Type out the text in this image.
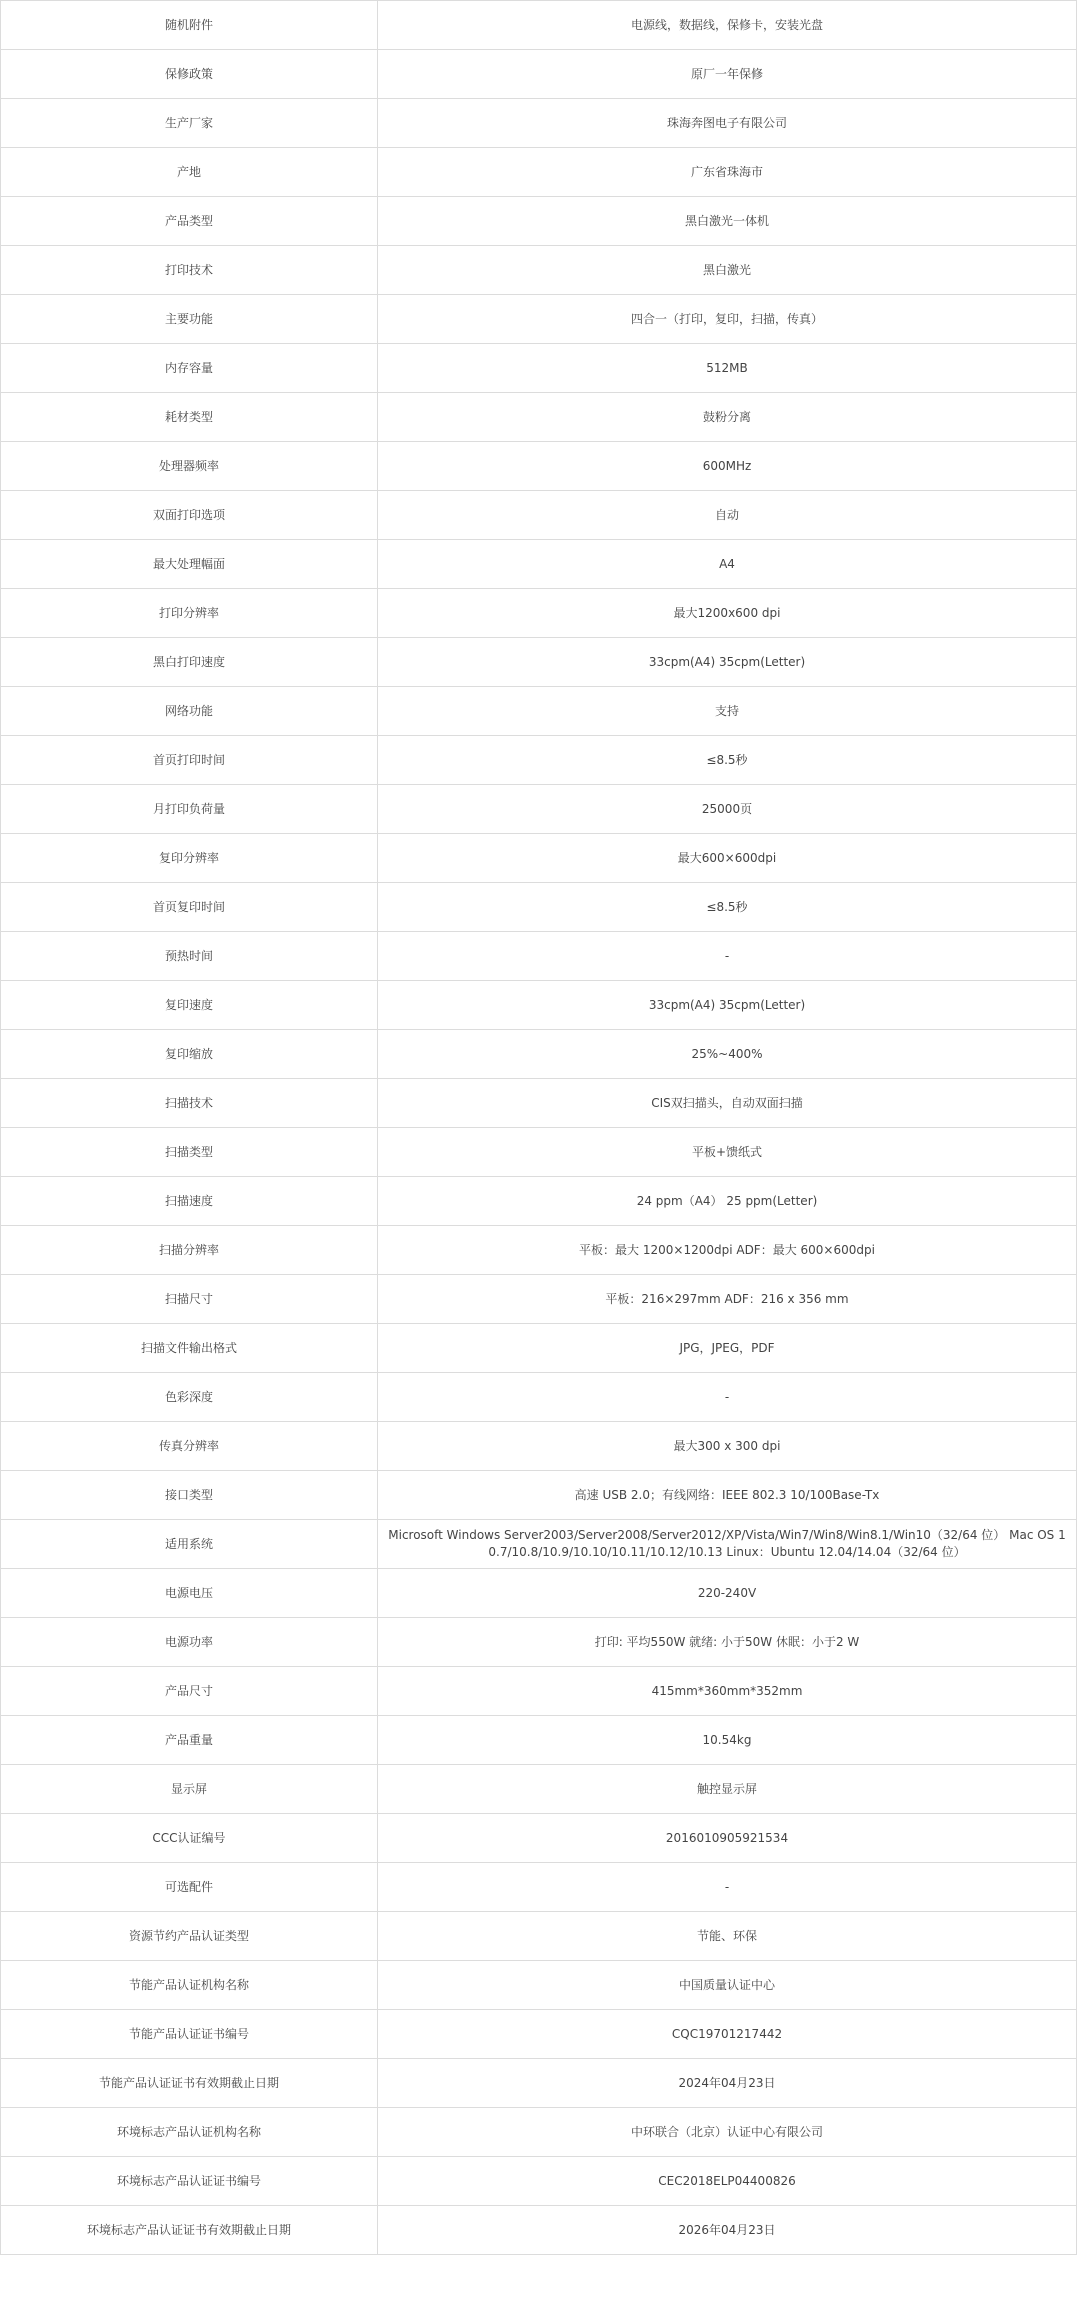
随机附件	电源线，数据线，保修卡，安装光盘
保修政策	原厂一年保修
生产厂家	珠海奔图电子有限公司
产地	广东省珠海市
产品类型	黑白激光一体机
打印技术	黑白激光
主要功能	四合一（打印，复印，扫描，传真）
内存容量	512MB
耗材类型	鼓粉分离
处理器频率	600MHz
双面打印选项	自动
最大处理幅面	A4
打印分辨率	最大1200x600 dpi
黑白打印速度	33cpm(A4) 35cpm(Letter)
网络功能	支持
首页打印时间	≤8.5秒
月打印负荷量	25000页
复印分辨率	最大600×600dpi
首页复印时间	≤8.5秒
预热时间	-
复印速度	33cpm(A4) 35cpm(Letter)
复印缩放	25%~400%
扫描技术	CIS双扫描头，自动双面扫描
扫描类型	平板+馈纸式
扫描速度	24 ppm（A4） 25 ppm(Letter)
扫描分辨率	平板：最大 1200×1200dpi ADF：最大 600×600dpi
扫描尺寸	平板：216×297mm ADF：216 x 356 mm
扫描文件输出格式	JPG，JPEG，PDF
色彩深度	-
传真分辨率	最大300 x 300 dpi
接口类型	高速 USB 2.0；有线网络：IEEE 802.3 10/100Base-Tx
适用系统	Microsoft Windows Server2003/Server2008/Server2012/XP/Vista/Win7/Win8/Win8.1/Win10（32/64 位） Mac OS 10.7/10.8/10.9/10.10/10.11/10.12/10.13 Linux：Ubuntu 12.04/14.04（32/64 位）
电源电压	220-240V
电源功率	打印: 平均550W 就绪: 小于50W 休眠：小于2 W
产品尺寸	415mm*360mm*352mm
产品重量	10.54kg
显示屏	触控显示屏
CCC认证编号	2016010905921534
可选配件	-
资源节约产品认证类型	节能、环保
节能产品认证机构名称	中国质量认证中心
节能产品认证证书编号	CQC19701217442
节能产品认证证书有效期截止日期	2024年04月23日
环境标志产品认证机构名称	中环联合（北京）认证中心有限公司
环境标志产品认证证书编号	CEC2018ELP04400826
环境标志产品认证证书有效期截止日期	2026年04月23日
